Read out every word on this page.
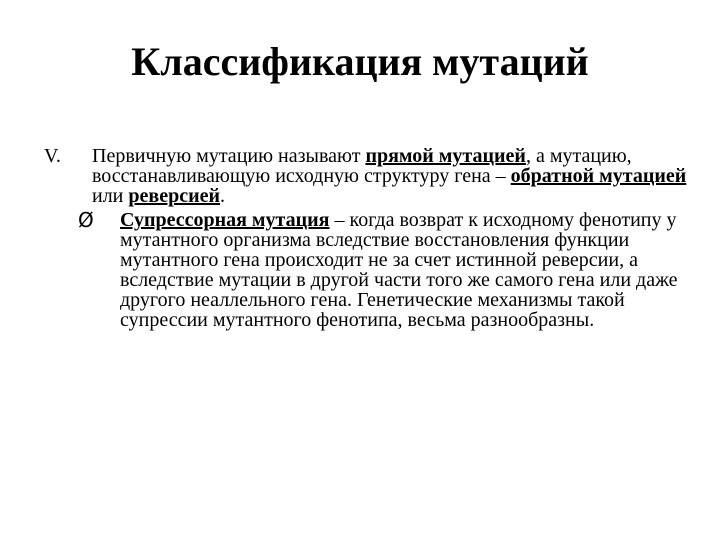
Классификация мутаций
V. Первичную мутацию называют прямой мутацией, а мутацию, восстанавливающую исходную структуру гена – обратной мутацией или реверсией.

Ø Супрессорная мутация – когда возврат к исходному фенотипу у мутантного организма вследствие восстановления функции мутантного гена происходит не за счет истинной реверсии, а вследствие мутации в другой части того же самого гена или даже другого неаллельного гена. Генетические механизмы такой супрессии мутантного фенотипа, весьма разнообразны.
